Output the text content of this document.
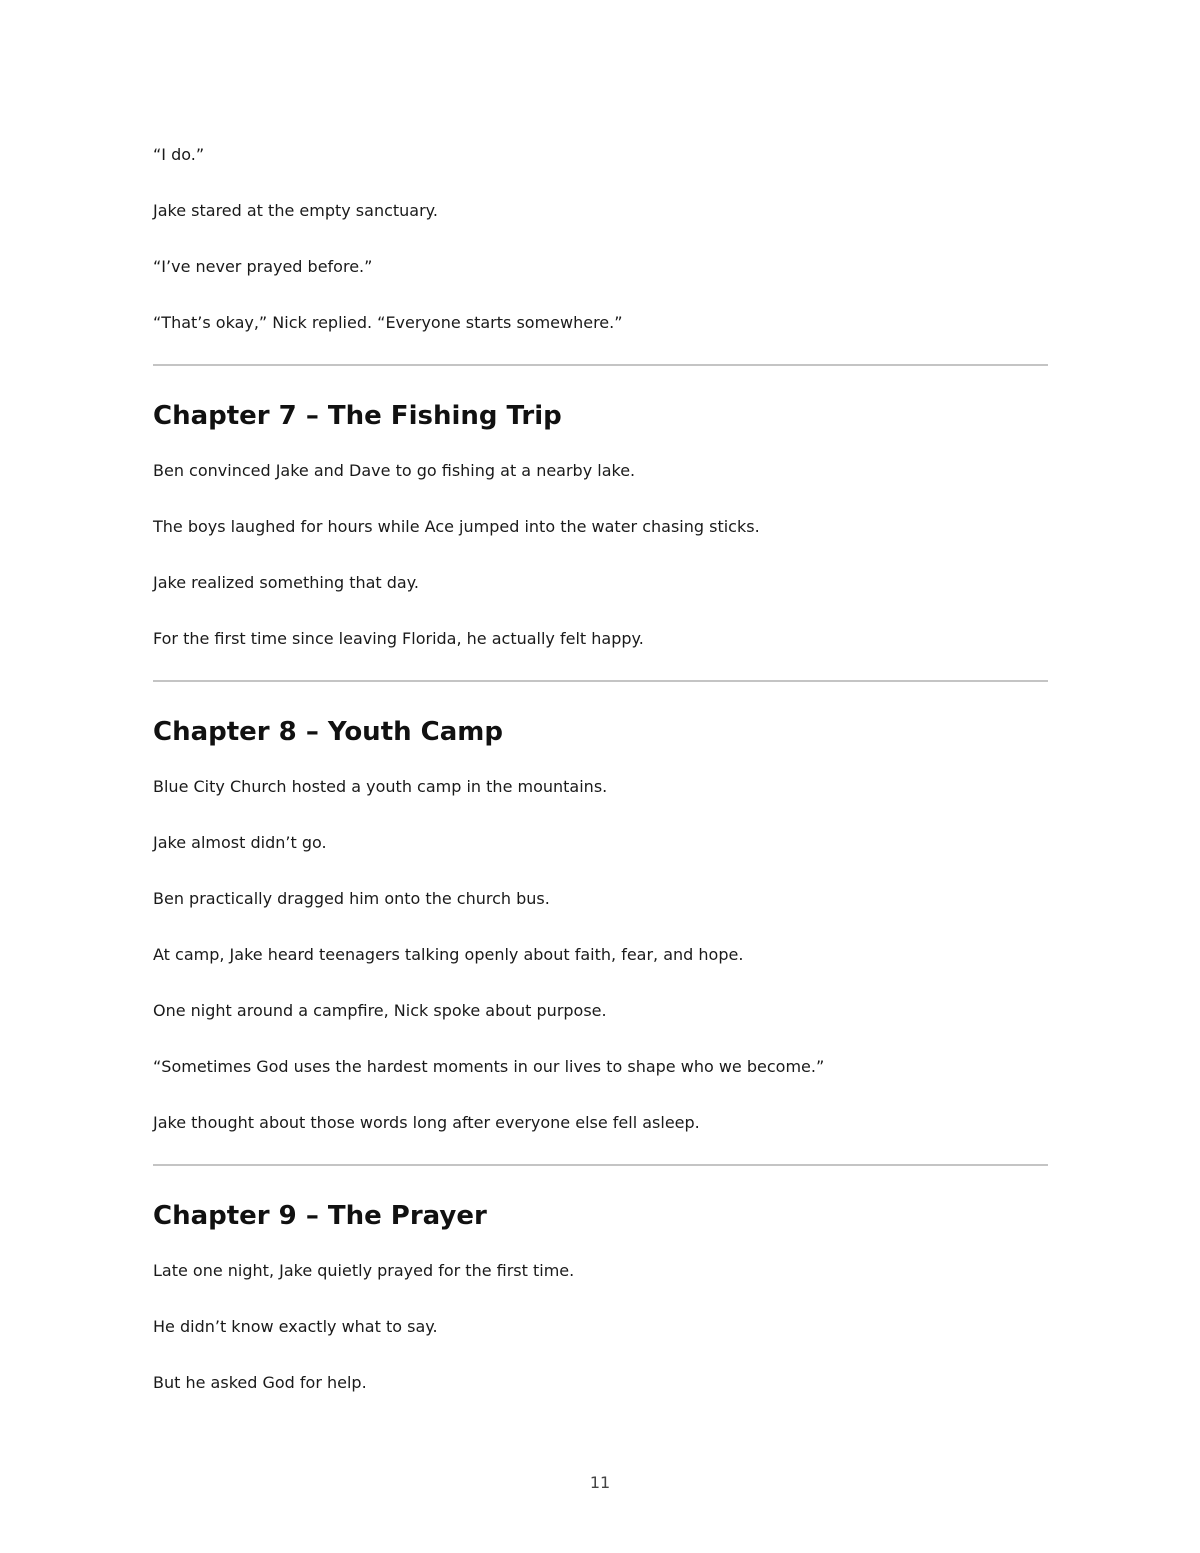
“I do.”

Jake stared at the empty sanctuary.

“I’ve never prayed before.”

“That’s okay,” Nick replied. “Everyone starts somewhere.”

Chapter 7 – The Fishing Trip

Ben convinced Jake and Dave to go fishing at a nearby lake.

The boys laughed for hours while Ace jumped into the water chasing sticks.

Jake realized something that day.

For the first time since leaving Florida, he actually felt happy.

Chapter 8 – Youth Camp

Blue City Church hosted a youth camp in the mountains.

Jake almost didn’t go.

Ben practically dragged him onto the church bus.

At camp, Jake heard teenagers talking openly about faith, fear, and hope.

One night around a campfire, Nick spoke about purpose.

“Sometimes God uses the hardest moments in our lives to shape who we become.”

Jake thought about those words long after everyone else fell asleep.

Chapter 9 – The Prayer

Late one night, Jake quietly prayed for the first time.

He didn’t know exactly what to say.

But he asked God for help.

11
